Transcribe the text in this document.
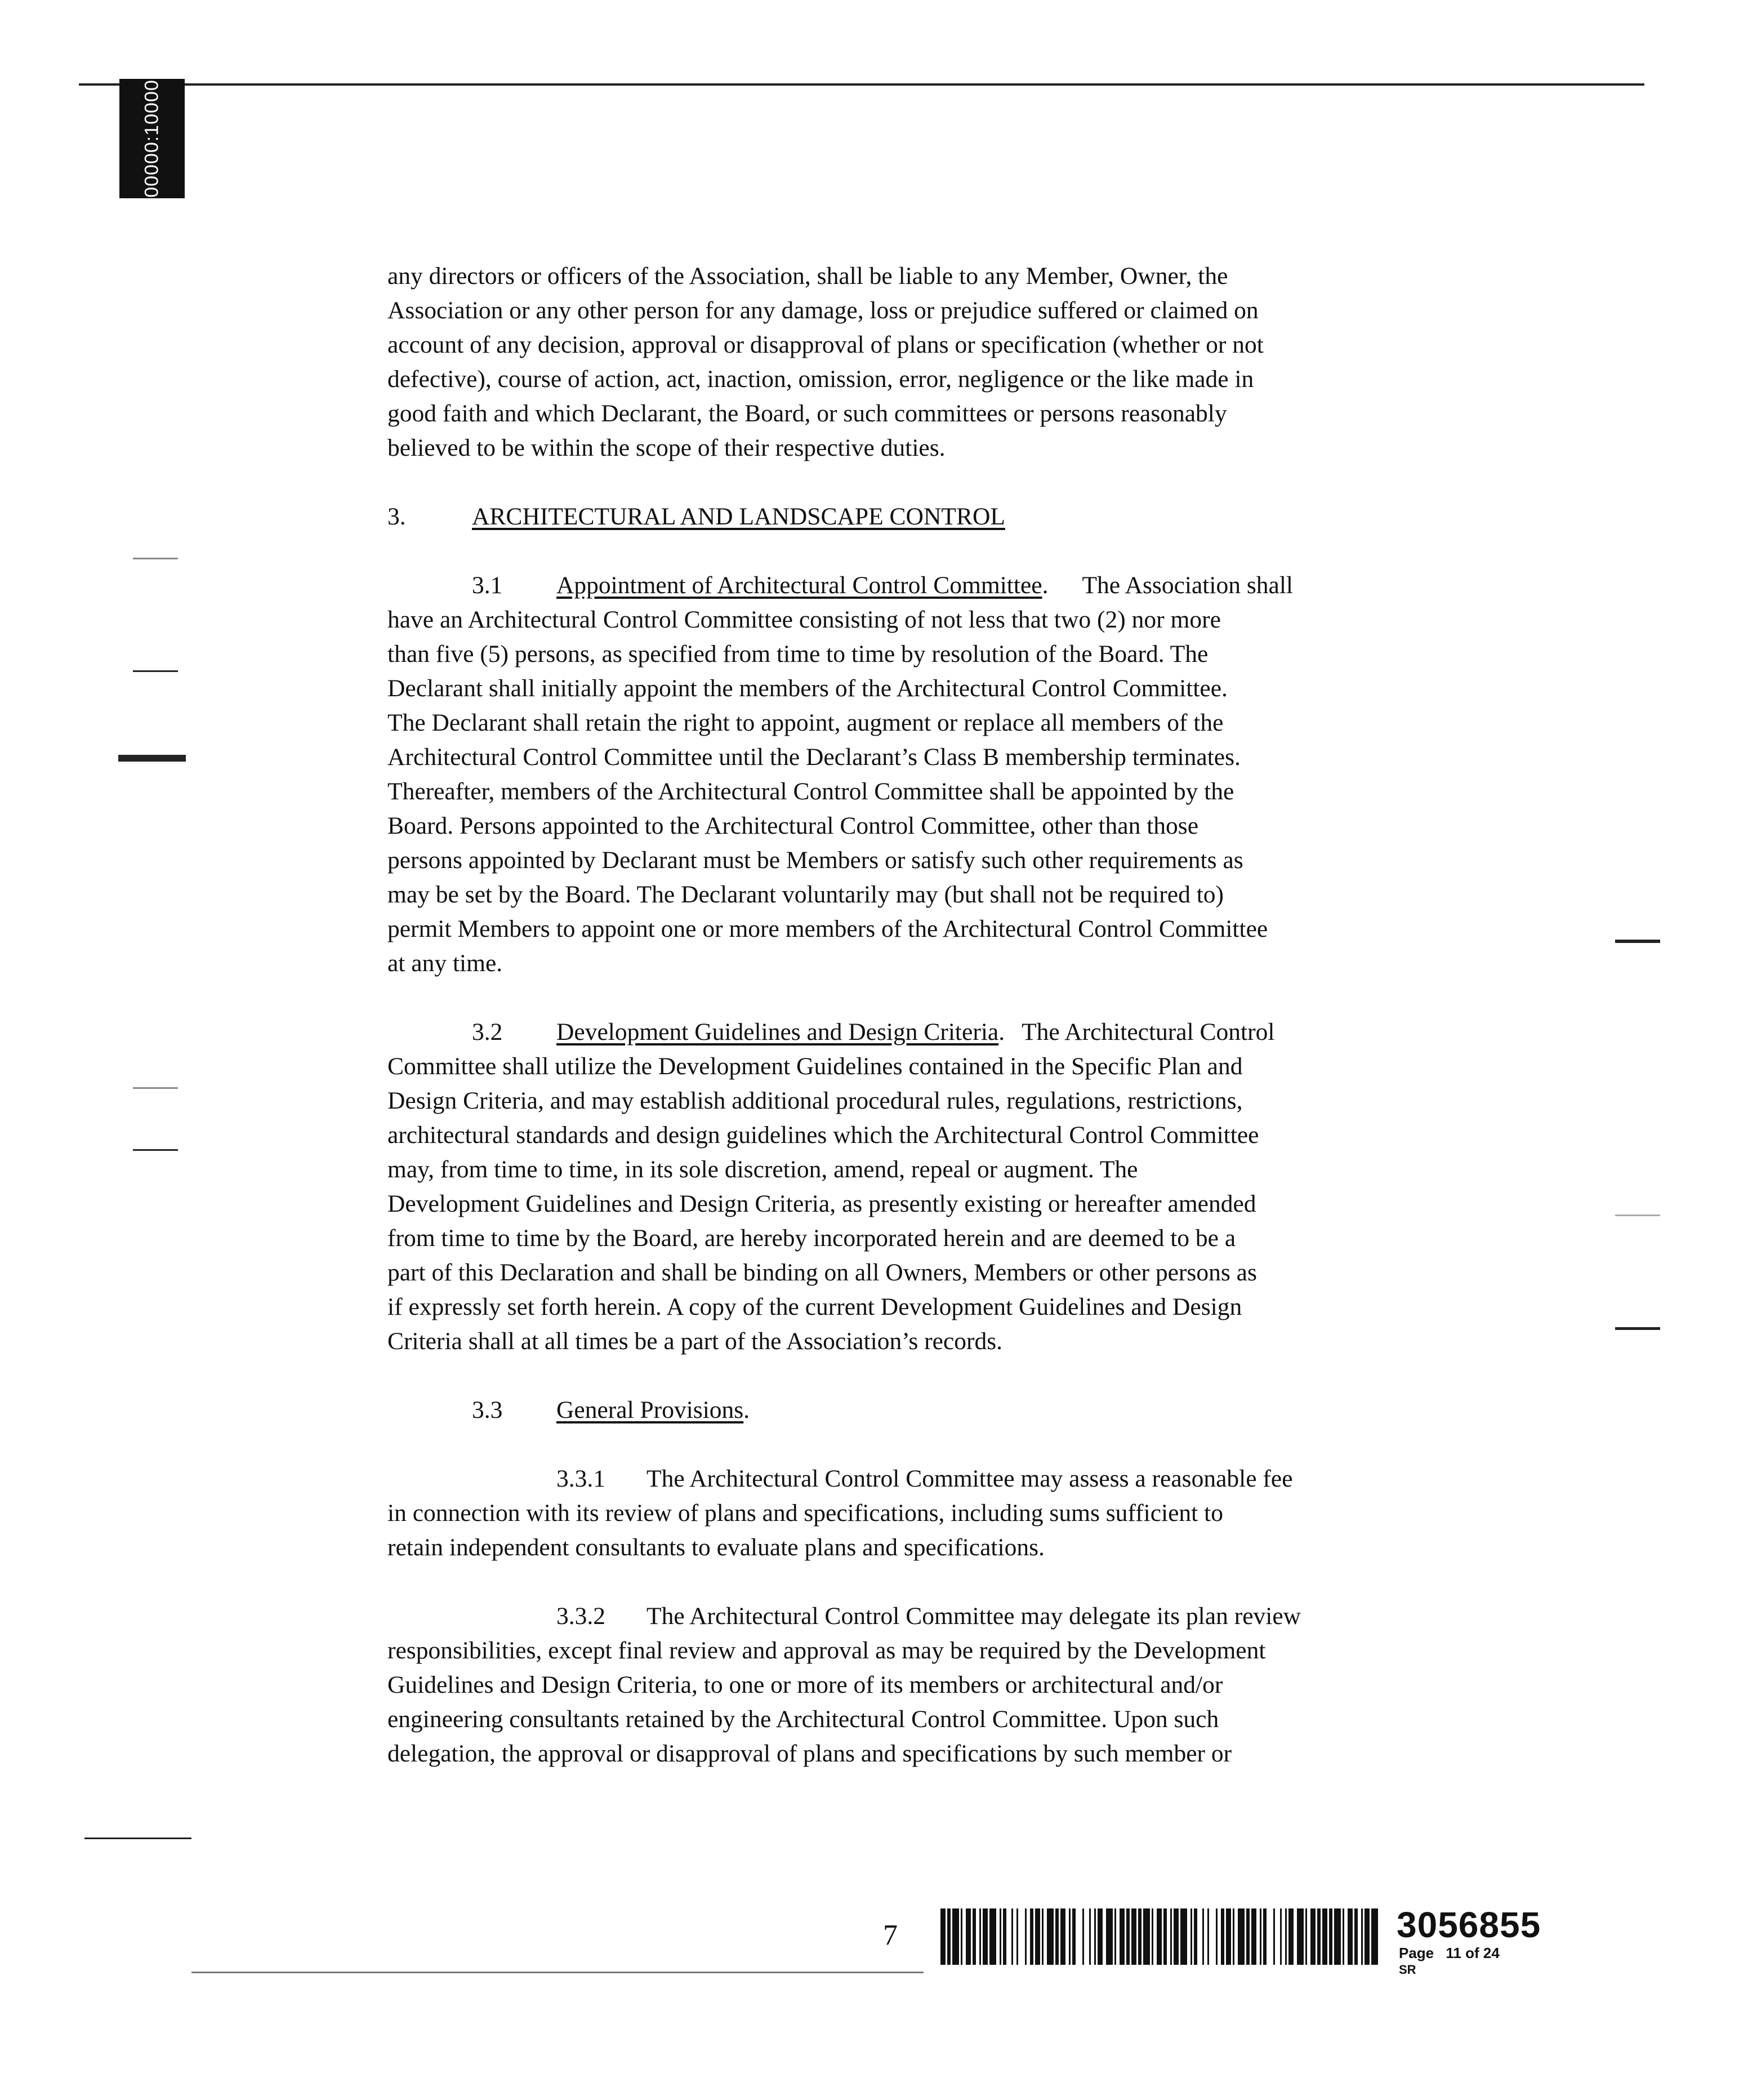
00000:10000
any directors or officers of the Association, shall be liable to any Member, Owner, the
Association or any other person for any damage, loss or prejudice suffered or claimed on
account of any decision, approval or disapproval of plans or specification (whether or not
defective), course of action, act, inaction, omission, error, negligence or the like made in
good faith and which Declarant, the Board, or such committees or persons reasonably
believed to be within the scope of their respective duties.
3.	ARCHITECTURAL AND LANDSCAPE CONTROL
3.1 Appointment of Architectural Control Committee. The Association shall
have an Architectural Control Committee consisting of not less that two (2) nor more
than five (5) persons, as specified from time to time by resolution of the Board. The
Declarant shall initially appoint the members of the Architectural Control Committee.
The Declarant shall retain the right to appoint, augment or replace all members of the
Architectural Control Committee until the Declarant’s Class B membership terminates.
Thereafter, members of the Architectural Control Committee shall be appointed by the
Board. Persons appointed to the Architectural Control Committee, other than those
persons appointed by Declarant must be Members or satisfy such other requirements as
may be set by the Board. The Declarant voluntarily may (but shall not be required to)
permit Members to appoint one or more members of the Architectural Control Committee
at any time.
3.2 Development Guidelines and Design Criteria. The Architectural Control
Committee shall utilize the Development Guidelines contained in the Specific Plan and
Design Criteria, and may establish additional procedural rules, regulations, restrictions,
architectural standards and design guidelines which the Architectural Control Committee
may, from time to time, in its sole discretion, amend, repeal or augment. The
Development Guidelines and Design Criteria, as presently existing or hereafter amended
from time to time by the Board, are hereby incorporated herein and are deemed to be a
part of this Declaration and shall be binding on all Owners, Members or other persons as
if expressly set forth herein. A copy of the current Development Guidelines and Design
Criteria shall at all times be a part of the Association’s records.
3.3 General Provisions.
3.3.1 The Architectural Control Committee may assess a reasonable fee
in connection with its review of plans and specifications, including sums sufficient to
retain independent consultants to evaluate plans and specifications.
3.3.2 The Architectural Control Committee may delegate its plan review
responsibilities, except final review and approval as may be required by the Development
Guidelines and Design Criteria, to one or more of its members or architectural and/or
engineering consultants retained by the Architectural Control Committee. Upon such
delegation, the approval or disapproval of plans and specifications by such member or
7	3056855
Page 11 of 24
SR
